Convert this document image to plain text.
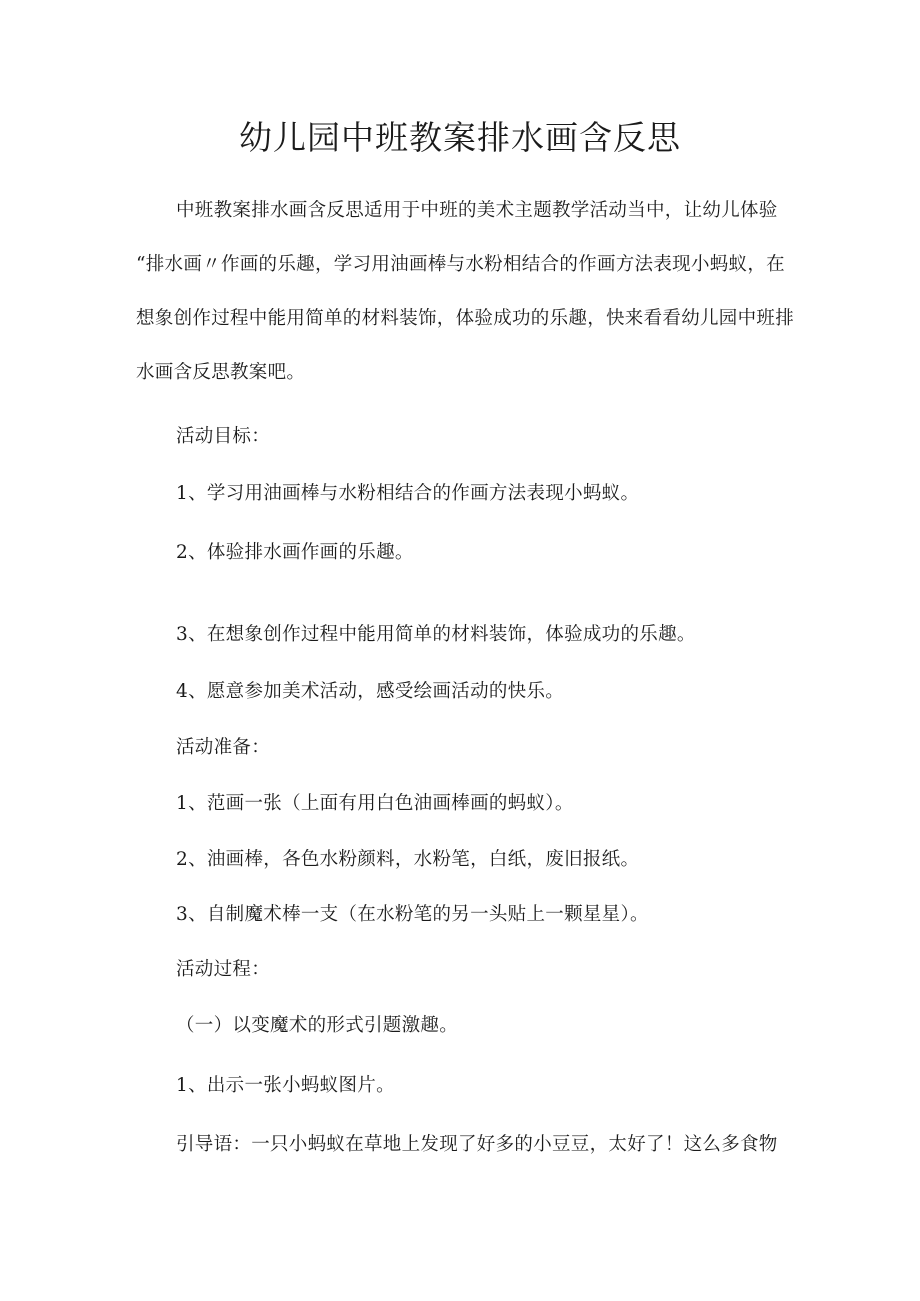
幼儿园中班教案排水画含反思

中班教案排水画含反思适用于中班的美术主题教学活动当中，让幼儿体验

“排水画〃作画的乐趣，学习用油画棒与水粉相结合的作画方法表现小蚂蚁，在

想象创作过程中能用简单的材料装饰，体验成功的乐趣，快来看看幼儿园中班排

水画含反思教案吧。

活动目标：

1、学习用油画棒与水粉相结合的作画方法表现小蚂蚁。

2、体验排水画作画的乐趣。

3、在想象创作过程中能用简单的材料装饰，体验成功的乐趣。

4、愿意参加美术活动，感受绘画活动的快乐。

活动准备：

1、范画一张（上面有用白色油画棒画的蚂蚁）。

2、油画棒，各色水粉颜料，水粉笔，白纸，废旧报纸。

3、自制魔术棒一支（在水粉笔的另一头贴上一颗星星）。

活动过程：

（一）以变魔术的形式引题激趣。

1、出示一张小蚂蚁图片。

引导语：一只小蚂蚁在草地上发现了好多的小豆豆，太好了！这么多食物
